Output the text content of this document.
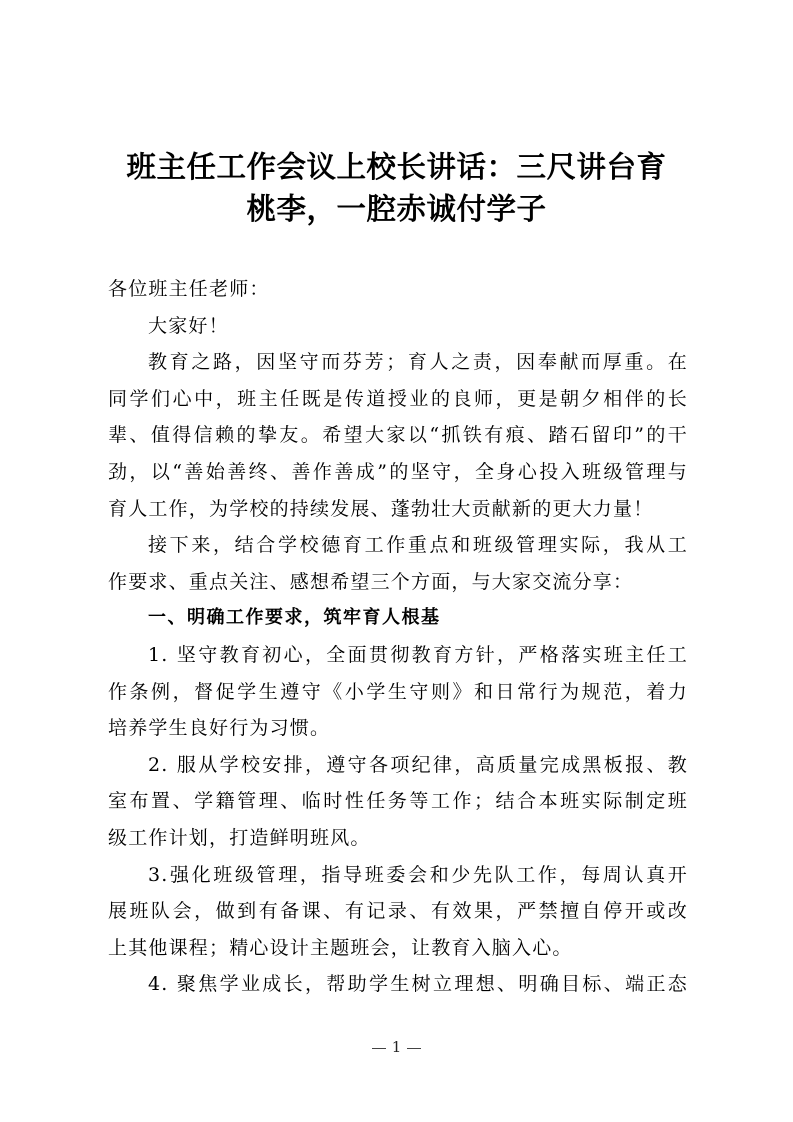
班主任工作会议上校长讲话：三尺讲台育
桃李，一腔赤诚付学子
各位班主任老师：
大家好！
教育之路，因坚守而芬芳；育人之责，因奉献而厚重。在
同学们心中，班主任既是传道授业的良师，更是朝夕相伴的长
辈、值得信赖的挚友。希望大家以“抓铁有痕、踏石留印”的干
劲，以“善始善终、善作善成”的坚守，全身心投入班级管理与
育人工作，为学校的持续发展、蓬勃壮大贡献新的更大力量！
接下来，结合学校德育工作重点和班级管理实际，我从工
作要求、重点关注、感想希望三个方面，与大家交流分享：
一、明确工作要求，筑牢育人根基
1. 坚守教育初心，全面贯彻教育方针，严格落实班主任工
作条例，督促学生遵守《小学生守则》和日常行为规范，着力
培养学生良好行为习惯。
2. 服从学校安排，遵守各项纪律，高质量完成黑板报、教
室布置、学籍管理、临时性任务等工作；结合本班实际制定班
级工作计划，打造鲜明班风。
3.强化班级管理，指导班委会和少先队工作，每周认真开
展班队会，做到有备课、有记录、有效果，严禁擅自停开或改
上其他课程；精心设计主题班会，让教育入脑入心。
4. 聚焦学业成长，帮助学生树立理想、明确目标、端正态
1
